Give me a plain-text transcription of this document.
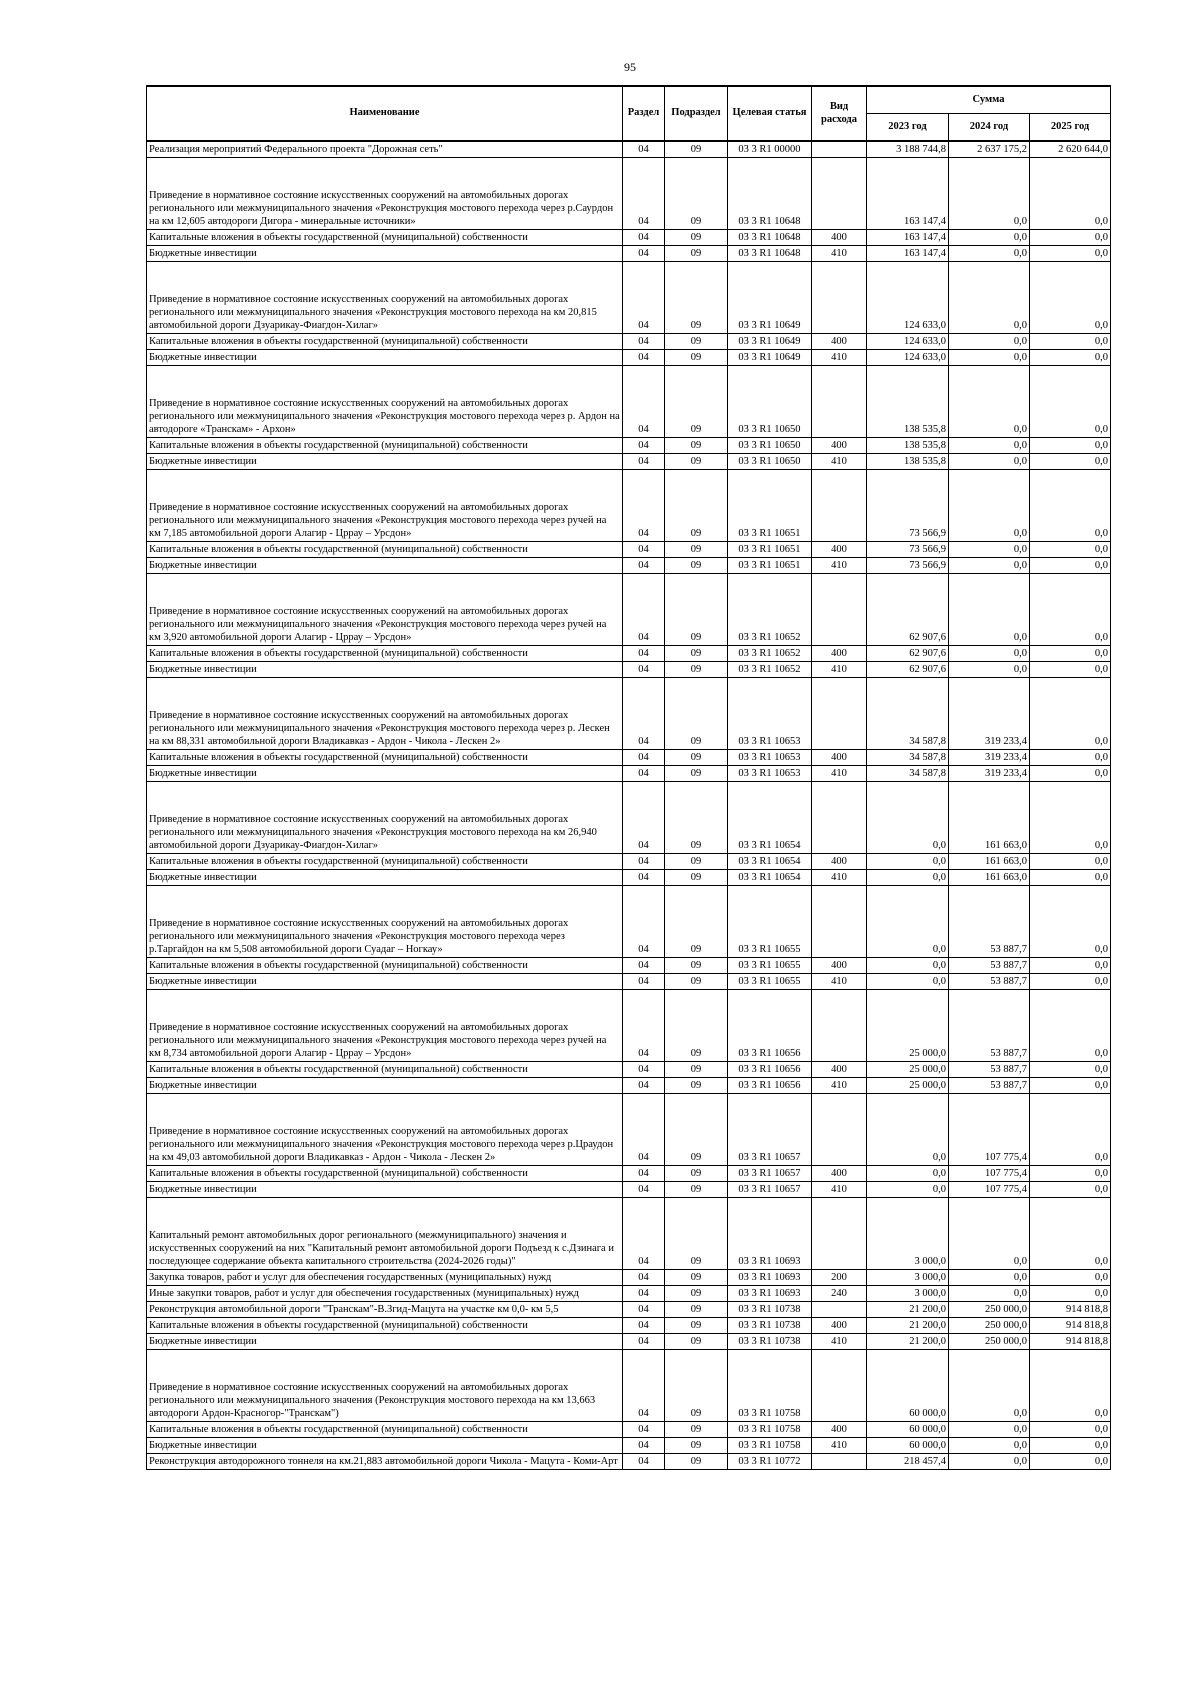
95
Наименование	Раздел	Подраздел	Целевая статья	Вид расхода	Сумма		
					2023 год	2024 год	2025 год
Реализация мероприятий Федерального проекта "Дорожная сеть"	04	09	03 3 R1 00000		3 188 744,8	2 637 175,2	2 620 644,0
Приведение в нормативное состояние искусственных сооружений на автомобильных дорогах регионального или межмуниципального значения «Реконструкция мостового перехода через р.Саурдон на км 12,605 автодороги Дигора - минеральные источники»	04	09	03 3 R1 10648		163 147,4	0,0	0,0
Капитальные вложения в объекты государственной (муниципальной) собственности	04	09	03 3 R1 10648	400	163 147,4	0,0	0,0
Бюджетные инвестиции	04	09	03 3 R1 10648	410	163 147,4	0,0	0,0
Приведение в нормативное состояние искусственных сооружений на автомобильных дорогах регионального или межмуниципального значения «Реконструкция мостового перехода на км 20,815 автомобильной дороги Дзуарикау-Фиагдон-Хилаг»	04	09	03 3 R1 10649		124 633,0	0,0	0,0
Капитальные вложения в объекты государственной (муниципальной) собственности	04	09	03 3 R1 10649	400	124 633,0	0,0	0,0
Бюджетные инвестиции	04	09	03 3 R1 10649	410	124 633,0	0,0	0,0
Приведение в нормативное состояние искусственных сооружений на автомобильных дорогах регионального или межмуниципального значения «Реконструкция мостового перехода через р. Ардон на автодороге «Транскам» - Архон»	04	09	03 3 R1 10650		138 535,8	0,0	0,0
Капитальные вложения в объекты государственной (муниципальной) собственности	04	09	03 3 R1 10650	400	138 535,8	0,0	0,0
Бюджетные инвестиции	04	09	03 3 R1 10650	410	138 535,8	0,0	0,0
Приведение в нормативное состояние искусственных сооружений на автомобильных дорогах регионального или межмуниципального значения «Реконструкция мостового перехода через ручей на км 7,185 автомобильной дороги Алагир - Цррау – Урсдон»	04	09	03 3 R1 10651		73 566,9	0,0	0,0
Капитальные вложения в объекты государственной (муниципальной) собственности	04	09	03 3 R1 10651	400	73 566,9	0,0	0,0
Бюджетные инвестиции	04	09	03 3 R1 10651	410	73 566,9	0,0	0,0
Приведение в нормативное состояние искусственных сооружений на автомобильных дорогах регионального или межмуниципального значения «Реконструкция мостового перехода через ручей на км 3,920 автомобильной дороги Алагир - Цррау – Урсдон»	04	09	03 3 R1 10652		62 907,6	0,0	0,0
Капитальные вложения в объекты государственной (муниципальной) собственности	04	09	03 3 R1 10652	400	62 907,6	0,0	0,0
Бюджетные инвестиции	04	09	03 3 R1 10652	410	62 907,6	0,0	0,0
Приведение в нормативное состояние искусственных сооружений на автомобильных дорогах регионального или межмуниципального значения «Реконструкция мостового перехода через р. Лескен на км 88,331 автомобильной дороги Владикавказ - Ардон - Чикола - Лескен 2»	04	09	03 3 R1 10653		34 587,8	319 233,4	0,0
Капитальные вложения в объекты государственной (муниципальной) собственности	04	09	03 3 R1 10653	400	34 587,8	319 233,4	0,0
Бюджетные инвестиции	04	09	03 3 R1 10653	410	34 587,8	319 233,4	0,0
Приведение в нормативное состояние искусственных сооружений на автомобильных дорогах регионального или межмуниципального значения «Реконструкция мостового перехода на км 26,940 автомобильной дороги Дзуарикау-Фиагдон-Хилаг»	04	09	03 3 R1 10654		0,0	161 663,0	0,0
Капитальные вложения в объекты государственной (муниципальной) собственности	04	09	03 3 R1 10654	400	0,0	161 663,0	0,0
Бюджетные инвестиции	04	09	03 3 R1 10654	410	0,0	161 663,0	0,0
Приведение в нормативное состояние искусственных сооружений на автомобильных дорогах регионального или межмуниципального значения «Реконструкция мостового перехода через р.Таргайдон на км 5,508 автомобильной дороги Суадаг – Ногкау»	04	09	03 3 R1 10655		0,0	53 887,7	0,0
Капитальные вложения в объекты государственной (муниципальной) собственности	04	09	03 3 R1 10655	400	0,0	53 887,7	0,0
Бюджетные инвестиции	04	09	03 3 R1 10655	410	0,0	53 887,7	0,0
Приведение в нормативное состояние искусственных сооружений на автомобильных дорогах регионального или межмуниципального значения «Реконструкция мостового перехода через ручей на км 8,734 автомобильной дороги Алагир - Цррау – Урсдон»	04	09	03 3 R1 10656		25 000,0	53 887,7	0,0
Капитальные вложения в объекты государственной (муниципальной) собственности	04	09	03 3 R1 10656	400	25 000,0	53 887,7	0,0
Бюджетные инвестиции	04	09	03 3 R1 10656	410	25 000,0	53 887,7	0,0
Приведение в нормативное состояние искусственных сооружений на автомобильных дорогах регионального или межмуниципального значения «Реконструкция мостового перехода через р.Цраудон на км 49,03 автомобильной дороги Владикавказ - Ардон - Чикола - Лескен 2»	04	09	03 3 R1 10657		0,0	107 775,4	0,0
Капитальные вложения в объекты государственной (муниципальной) собственности	04	09	03 3 R1 10657	400	0,0	107 775,4	0,0
Бюджетные инвестиции	04	09	03 3 R1 10657	410	0,0	107 775,4	0,0
Капитальный ремонт автомобильных дорог регионального (межмуниципального) значения и искусственных сооружений на них "Капитальный ремонт автомобильной дороги Подъезд к с.Дзинага и последующее содержание объекта капитального строительства (2024-2026 годы)"	04	09	03 3 R1 10693		3 000,0	0,0	0,0
Закупка товаров, работ и услуг для обеспечения государственных (муниципальных) нужд	04	09	03 3 R1 10693	200	3 000,0	0,0	0,0
Иные закупки товаров, работ и услуг для обеспечения государственных (муниципальных) нужд	04	09	03 3 R1 10693	240	3 000,0	0,0	0,0
Реконструкция автомобильной дороги "Транскам"-В.Згид-Мацута на участке км 0,0- км 5,5	04	09	03 3 R1 10738		21 200,0	250 000,0	914 818,8
Капитальные вложения в объекты государственной (муниципальной) собственности	04	09	03 3 R1 10738	400	21 200,0	250 000,0	914 818,8
Бюджетные инвестиции	04	09	03 3 R1 10738	410	21 200,0	250 000,0	914 818,8
Приведение в нормативное состояние искусственных сооружений на автомобильных дорогах регионального или межмуниципального значения (Реконструкция мостового перехода на км 13,663 автодороги Ардон-Красногор-"Транскам")	04	09	03 3 R1 10758		60 000,0	0,0	0,0
Капитальные вложения в объекты государственной (муниципальной) собственности	04	09	03 3 R1 10758	400	60 000,0	0,0	0,0
Бюджетные инвестиции	04	09	03 3 R1 10758	410	60 000,0	0,0	0,0
Реконструкция автодорожного тоннеля на км.21,883 автомобильной дороги Чикола - Мацута - Коми-Арт	04	09	03 3 R1 10772		218 457,4	0,0	0,0
